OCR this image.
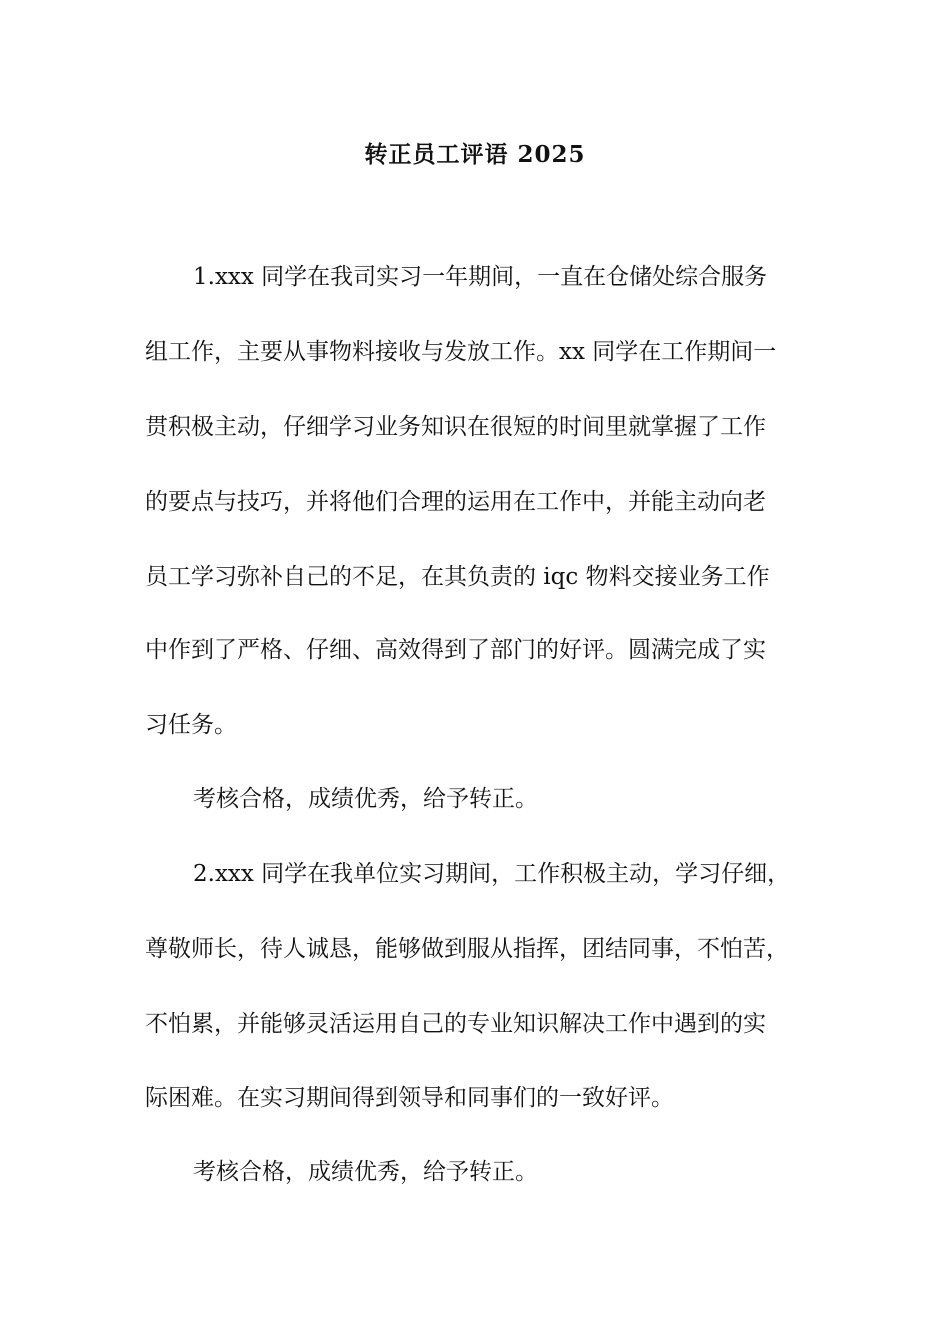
转正员工评语 2025
1.xxx 同学在我司实习一年期间，一直在仓储处综合服务
组工作，主要从事物料接收与发放工作。xx 同学在工作期间一
贯积极主动，仔细学习业务知识在很短的时间里就掌握了工作
的要点与技巧，并将他们合理的运用在工作中，并能主动向老
员工学习弥补自己的不足，在其负责的 iqc 物料交接业务工作
中作到了严格、仔细、高效得到了部门的好评。圆满完成了实
习任务。
考核合格，成绩优秀，给予转正。
2.xxx 同学在我单位实习期间，工作积极主动，学习仔细，
尊敬师长，待人诚恳，能够做到服从指挥，团结同事，不怕苦，
不怕累，并能够灵活运用自己的专业知识解决工作中遇到的实
际困难。在实习期间得到领导和同事们的一致好评。
考核合格，成绩优秀，给予转正。
